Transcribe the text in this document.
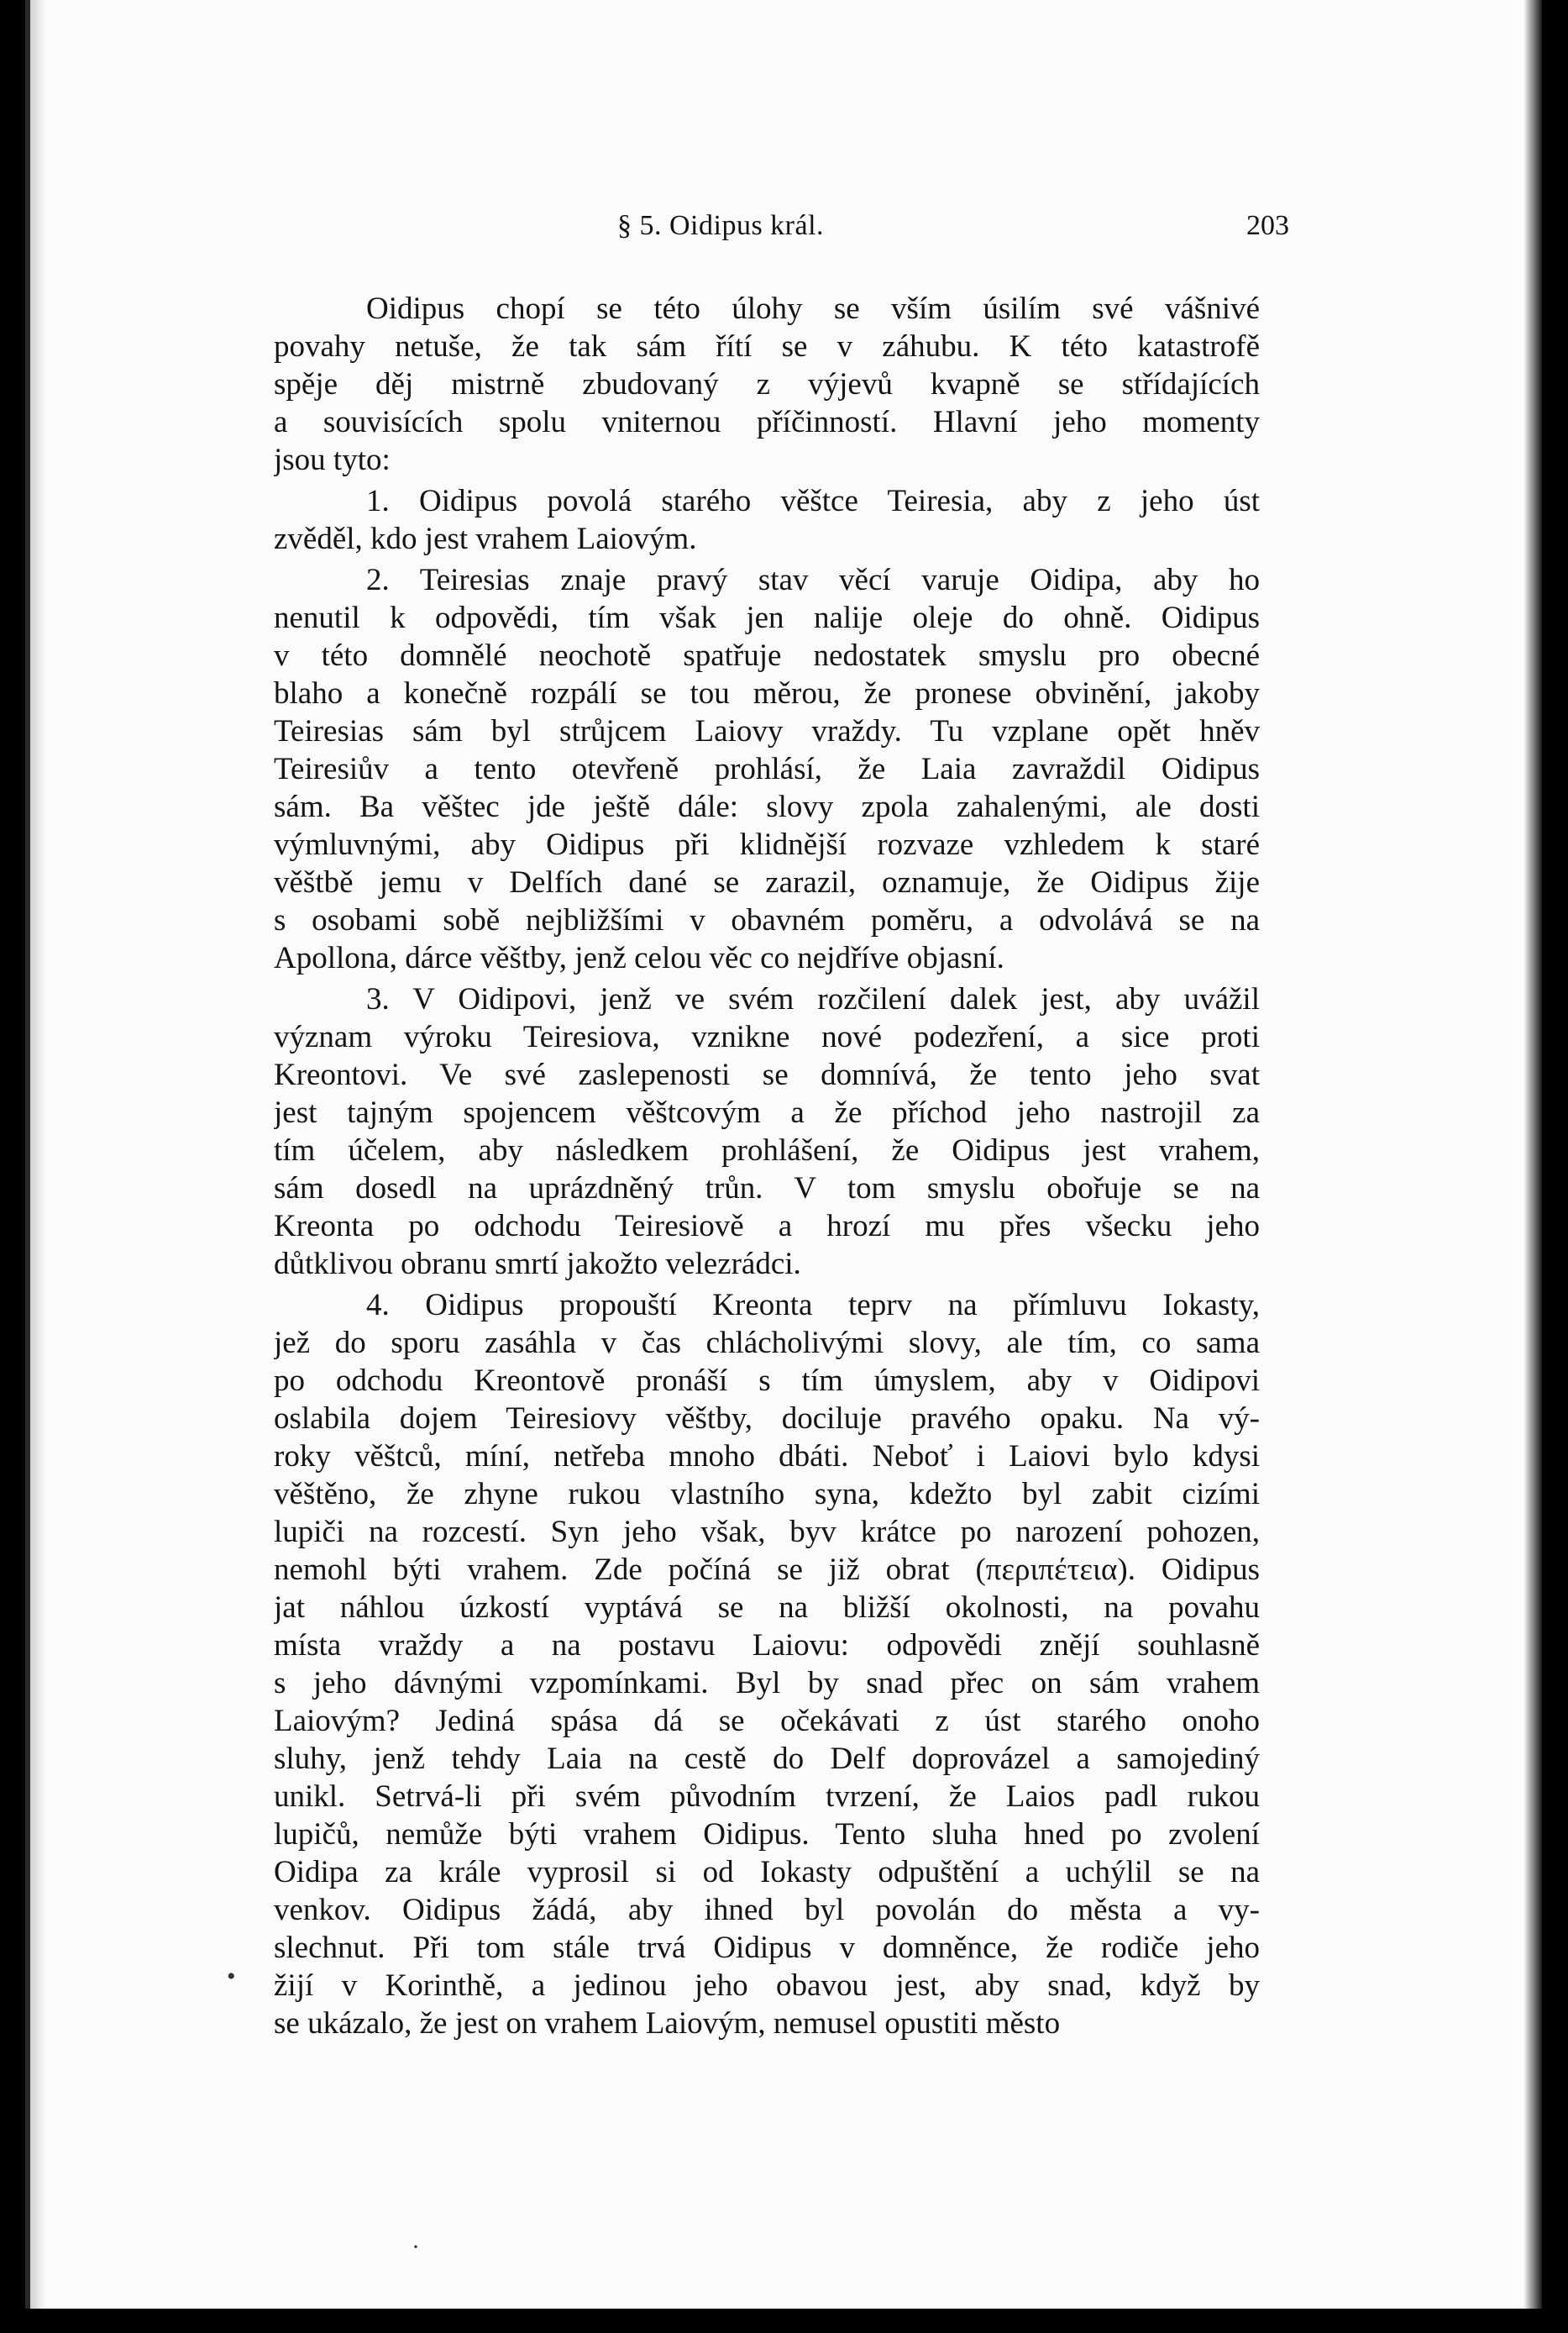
§ 5. Oidipus král.	203
Oidipus chopí se této úlohy se vším úsilím své vášnivé
povahy netuše, že tak sám řítí se v záhubu. K této katastrofě
spěje děj mistrně zbudovaný z výjevů kvapně se střídajících
a souvisících spolu vniternou příčinností. Hlavní jeho momenty
jsou tyto:
1. Oidipus povolá starého věštce Teiresia, aby z jeho úst
zvěděl, kdo jest vrahem Laiovým.
2. Teiresias znaje pravý stav věcí varuje Oidipa, aby ho
nenutil k odpovědi, tím však jen nalije oleje do ohně. Oidipus
v této domnělé neochotě spatřuje nedostatek smyslu pro obecné
blaho a konečně rozpálí se tou měrou, že pronese obvinění, jakoby
Teiresias sám byl strůjcem Laiovy vraždy. Tu vzplane opět hněv
Teiresiův a tento otevřeně prohlásí, že Laia zavraždil Oidipus
sám. Ba věštec jde ještě dále: slovy zpola zahalenými, ale dosti
výmluvnými, aby Oidipus při klidnější rozvaze vzhledem k staré
věštbě jemu v Delfích dané se zarazil, oznamuje, že Oidipus žije
s osobami sobě nejbližšími v obavném poměru, a odvolává se na
Apollona, dárce věštby, jenž celou věc co nejdříve objasní.
3. V Oidipovi, jenž ve svém rozčilení dalek jest, aby uvážil
význam výroku Teiresiova, vznikne nové podezření, a sice proti
Kreontovi. Ve své zaslepenosti se domnívá, že tento jeho svat
jest tajným spojencem věštcovým a že příchod jeho nastrojil za
tím účelem, aby následkem prohlášení, že Oidipus jest vrahem,
sám dosedl na uprázdněný trůn. V tom smyslu obořuje se na
Kreonta po odchodu Teiresiově a hrozí mu přes všecku jeho
důtklivou obranu smrtí jakožto velezrádci.
4. Oidipus propouští Kreonta teprv na přímluvu Iokasty,
jež do sporu zasáhla v čas chlácholivými slovy, ale tím, co sama
po odchodu Kreontově pronáší s tím úmyslem, aby v Oidipovi
oslabila dojem Teiresiovy věštby, dociluje pravého opaku. Na vý-
roky věštců, míní, netřeba mnoho dbáti. Neboť i Laiovi bylo kdysi
věštěno, že zhyne rukou vlastního syna, kdežto byl zabit cizími
lupiči na rozcestí. Syn jeho však, byv krátce po narození pohozen,
nemohl býti vrahem. Zde počíná se již obrat (περιπέτεια). Oidipus
jat náhlou úzkostí vyptává se na bližší okolnosti, na povahu
místa vraždy a na postavu Laiovu: odpovědi znějí souhlasně
s jeho dávnými vzpomínkami. Byl by snad přec on sám vrahem
Laiovým? Jediná spása dá se očekávati z úst starého onoho
sluhy, jenž tehdy Laia na cestě do Delf doprovázel a samojediný
unikl. Setrvá-li při svém původním tvrzení, že Laios padl rukou
lupičů, nemůže býti vrahem Oidipus. Tento sluha hned po zvolení
Oidipa za krále vyprosil si od Iokasty odpuštění a uchýlil se na
venkov. Oidipus žádá, aby ihned byl povolán do města a vy-
slechnut. Při tom stále trvá Oidipus v domněnce, že rodiče jeho
žijí v Korinthě, a jedinou jeho obavou jest, aby snad, když by
se ukázalo, že jest on vrahem Laiovým, nemusel opustiti město
•
·
